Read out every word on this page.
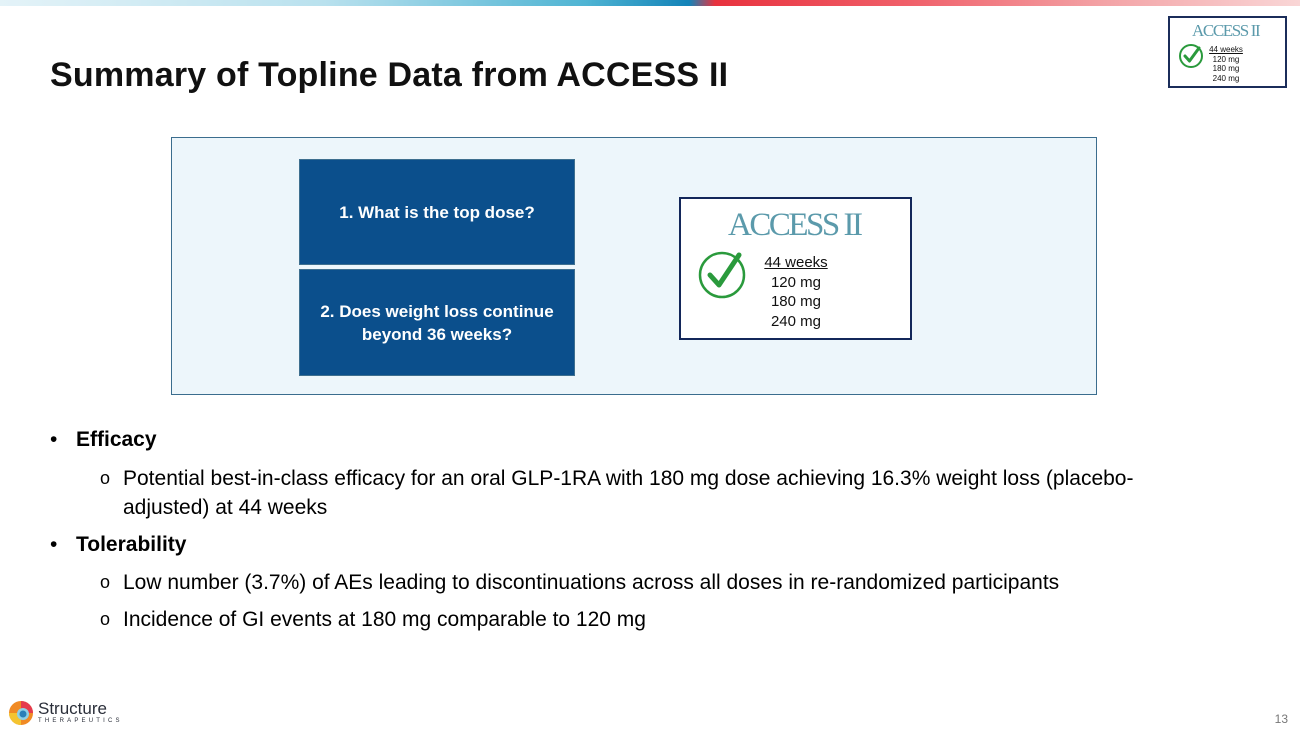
Summary of Topline Data from ACCESS II
ACCESS II
44 weeks
120 mg
180 mg
240 mg
1. What is the top dose?
2. Does weight loss continue beyond 36 weeks?
ACCESS II
44 weeks
120 mg
180 mg
240 mg
• Efficacy
o Potential best-in-class efficacy for an oral GLP-1RA with 180 mg dose achieving 16.3% weight loss (placebo-adjusted) at 44 weeks
• Tolerability
o Low number (3.7%) of AEs leading to discontinuations across all doses in re-randomized participants
o Incidence of GI events at 180 mg comparable to 120 mg
Structure
THERAPEUTICS	13
